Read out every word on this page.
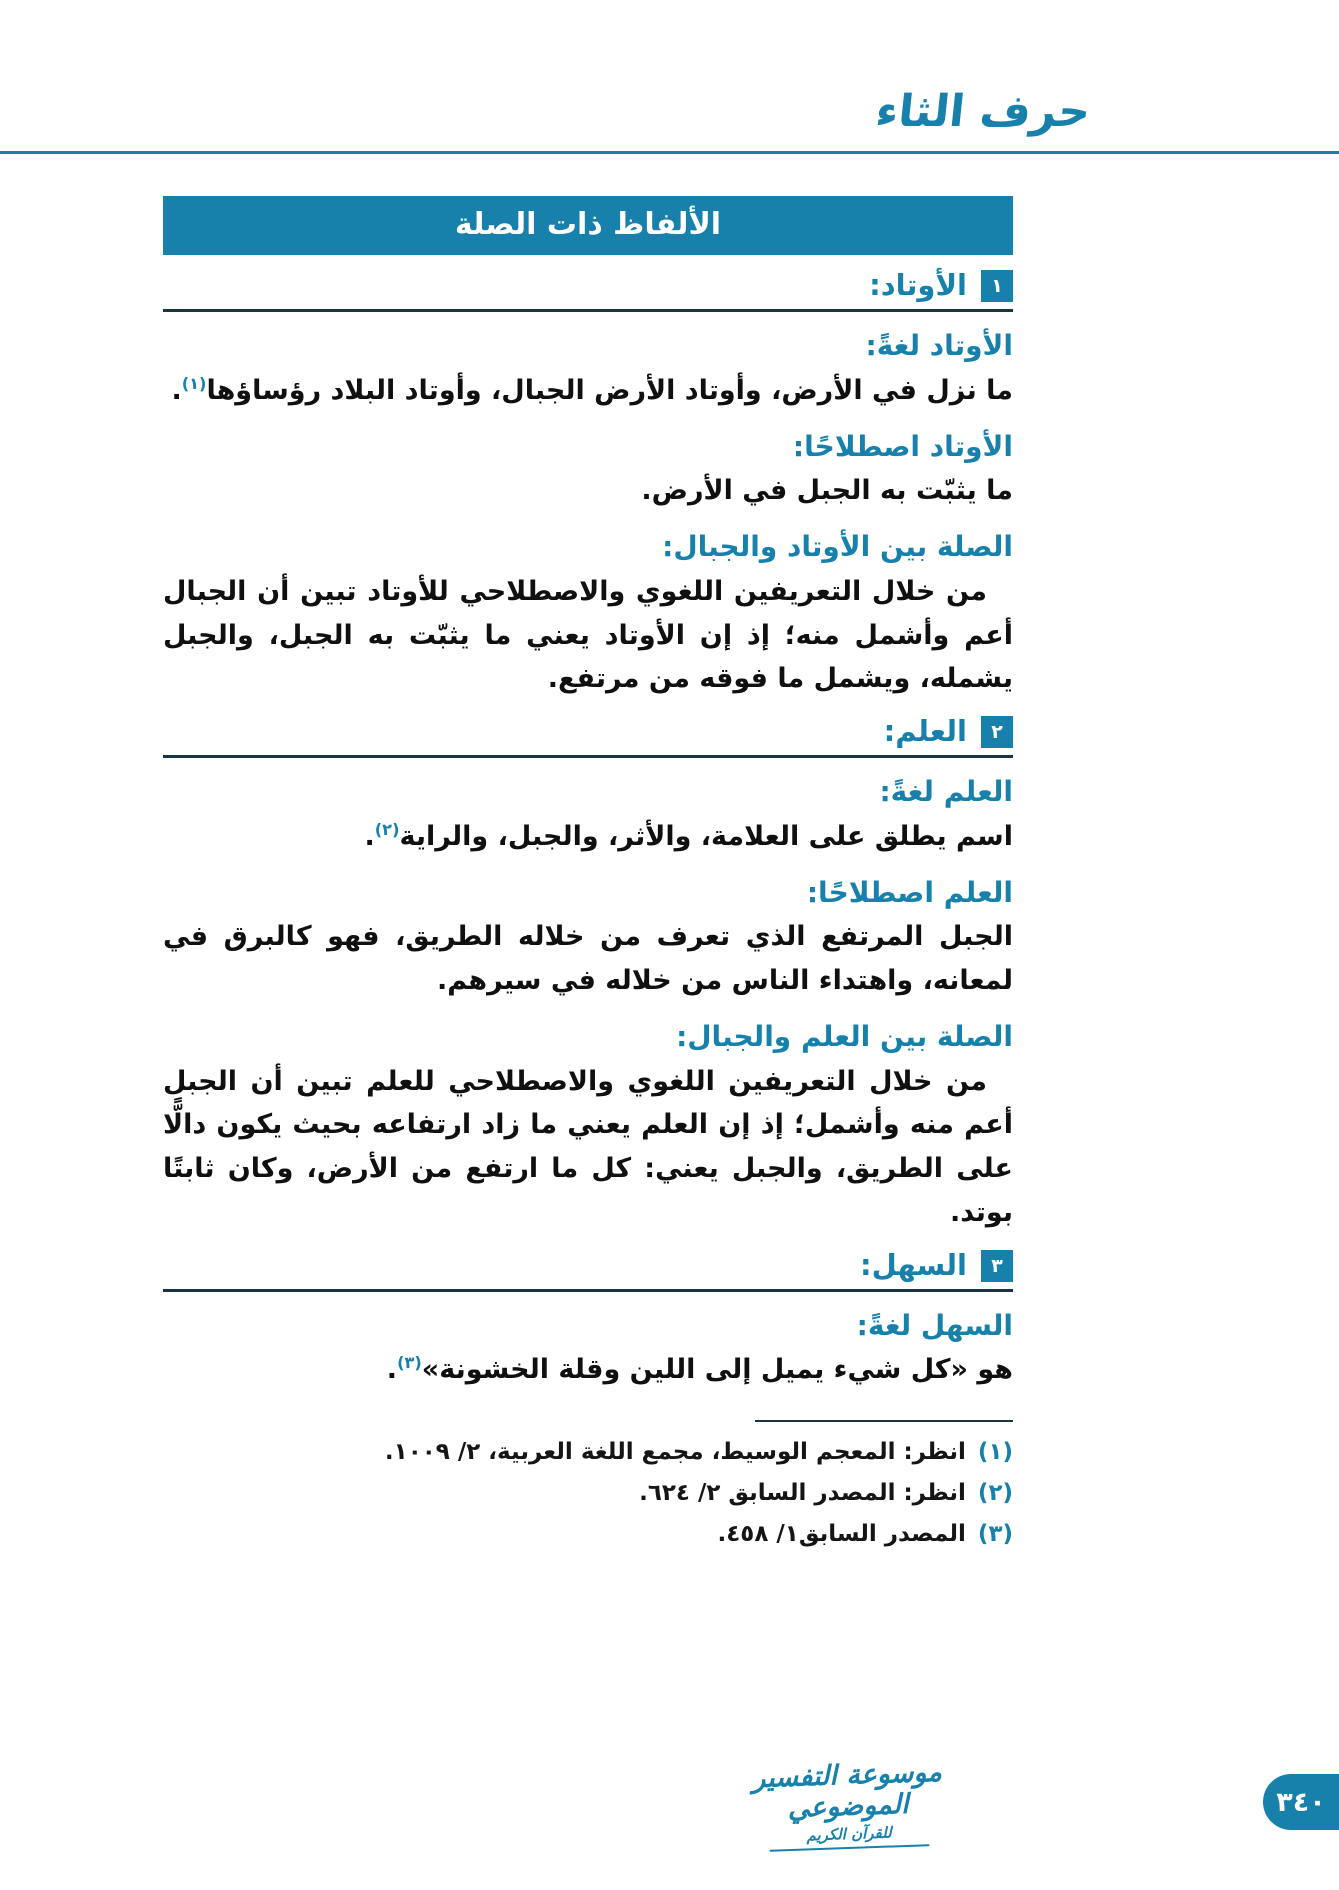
حرف الثاء
الألفاظ ذات الصلة
١
الأوتاد:
الأوتاد لغةً:

ما نزل في الأرض، وأوتاد الأرض الجبال، وأوتاد البلاد رؤساؤها$^{(١)}$.

الأوتاد اصطلاحًا:

ما يثبّت به الجبل في الأرض.

الصلة بين الأوتاد والجبال:

من خلال التعريفين اللغوي والاصطلاحي للأوتاد تبين أن الجبال أعم وأشمل منه؛ إذ إن الأوتاد يعني ما يثبّت به الجبل، والجبل يشمله، ويشمل ما فوقه من مرتفع.

٢
العلم:
العلم لغةً:

اسم يطلق على العلامة، والأثر، والجبل، والراية$^{(٢)}$.

العلم اصطلاحًا:

الجبل المرتفع الذي تعرف من خلاله الطريق، فهو كالبرق في لمعانه، واهتداء الناس من خلاله في سيرهم.

الصلة بين العلم والجبال:

من خلال التعريفين اللغوي والاصطلاحي للعلم تبين أن الجبل أعم منه وأشمل؛ إذ إن العلم يعني ما زاد ارتفاعه بحيث يكون دالًّا على الطريق، والجبل يعني: كل ما ارتفع من الأرض، وكان ثابتًا بوتد.

٣
السهل:
السهل لغةً:

هو «كل شيء يميل إلى اللين وقلة الخشونة»$^{(٣)}$.

(١)
انظر: المعجم الوسيط، مجمع اللغة العربية، ٢/ ١٠٠٩.
(٢)
انظر: المصدر السابق ٢/ ٦٢٤.
(٣)
المصدر السابق١/ ٤٥٨.
موسوعة التفسير الموضوعي
للقرآن الكريم
٣٤٠
